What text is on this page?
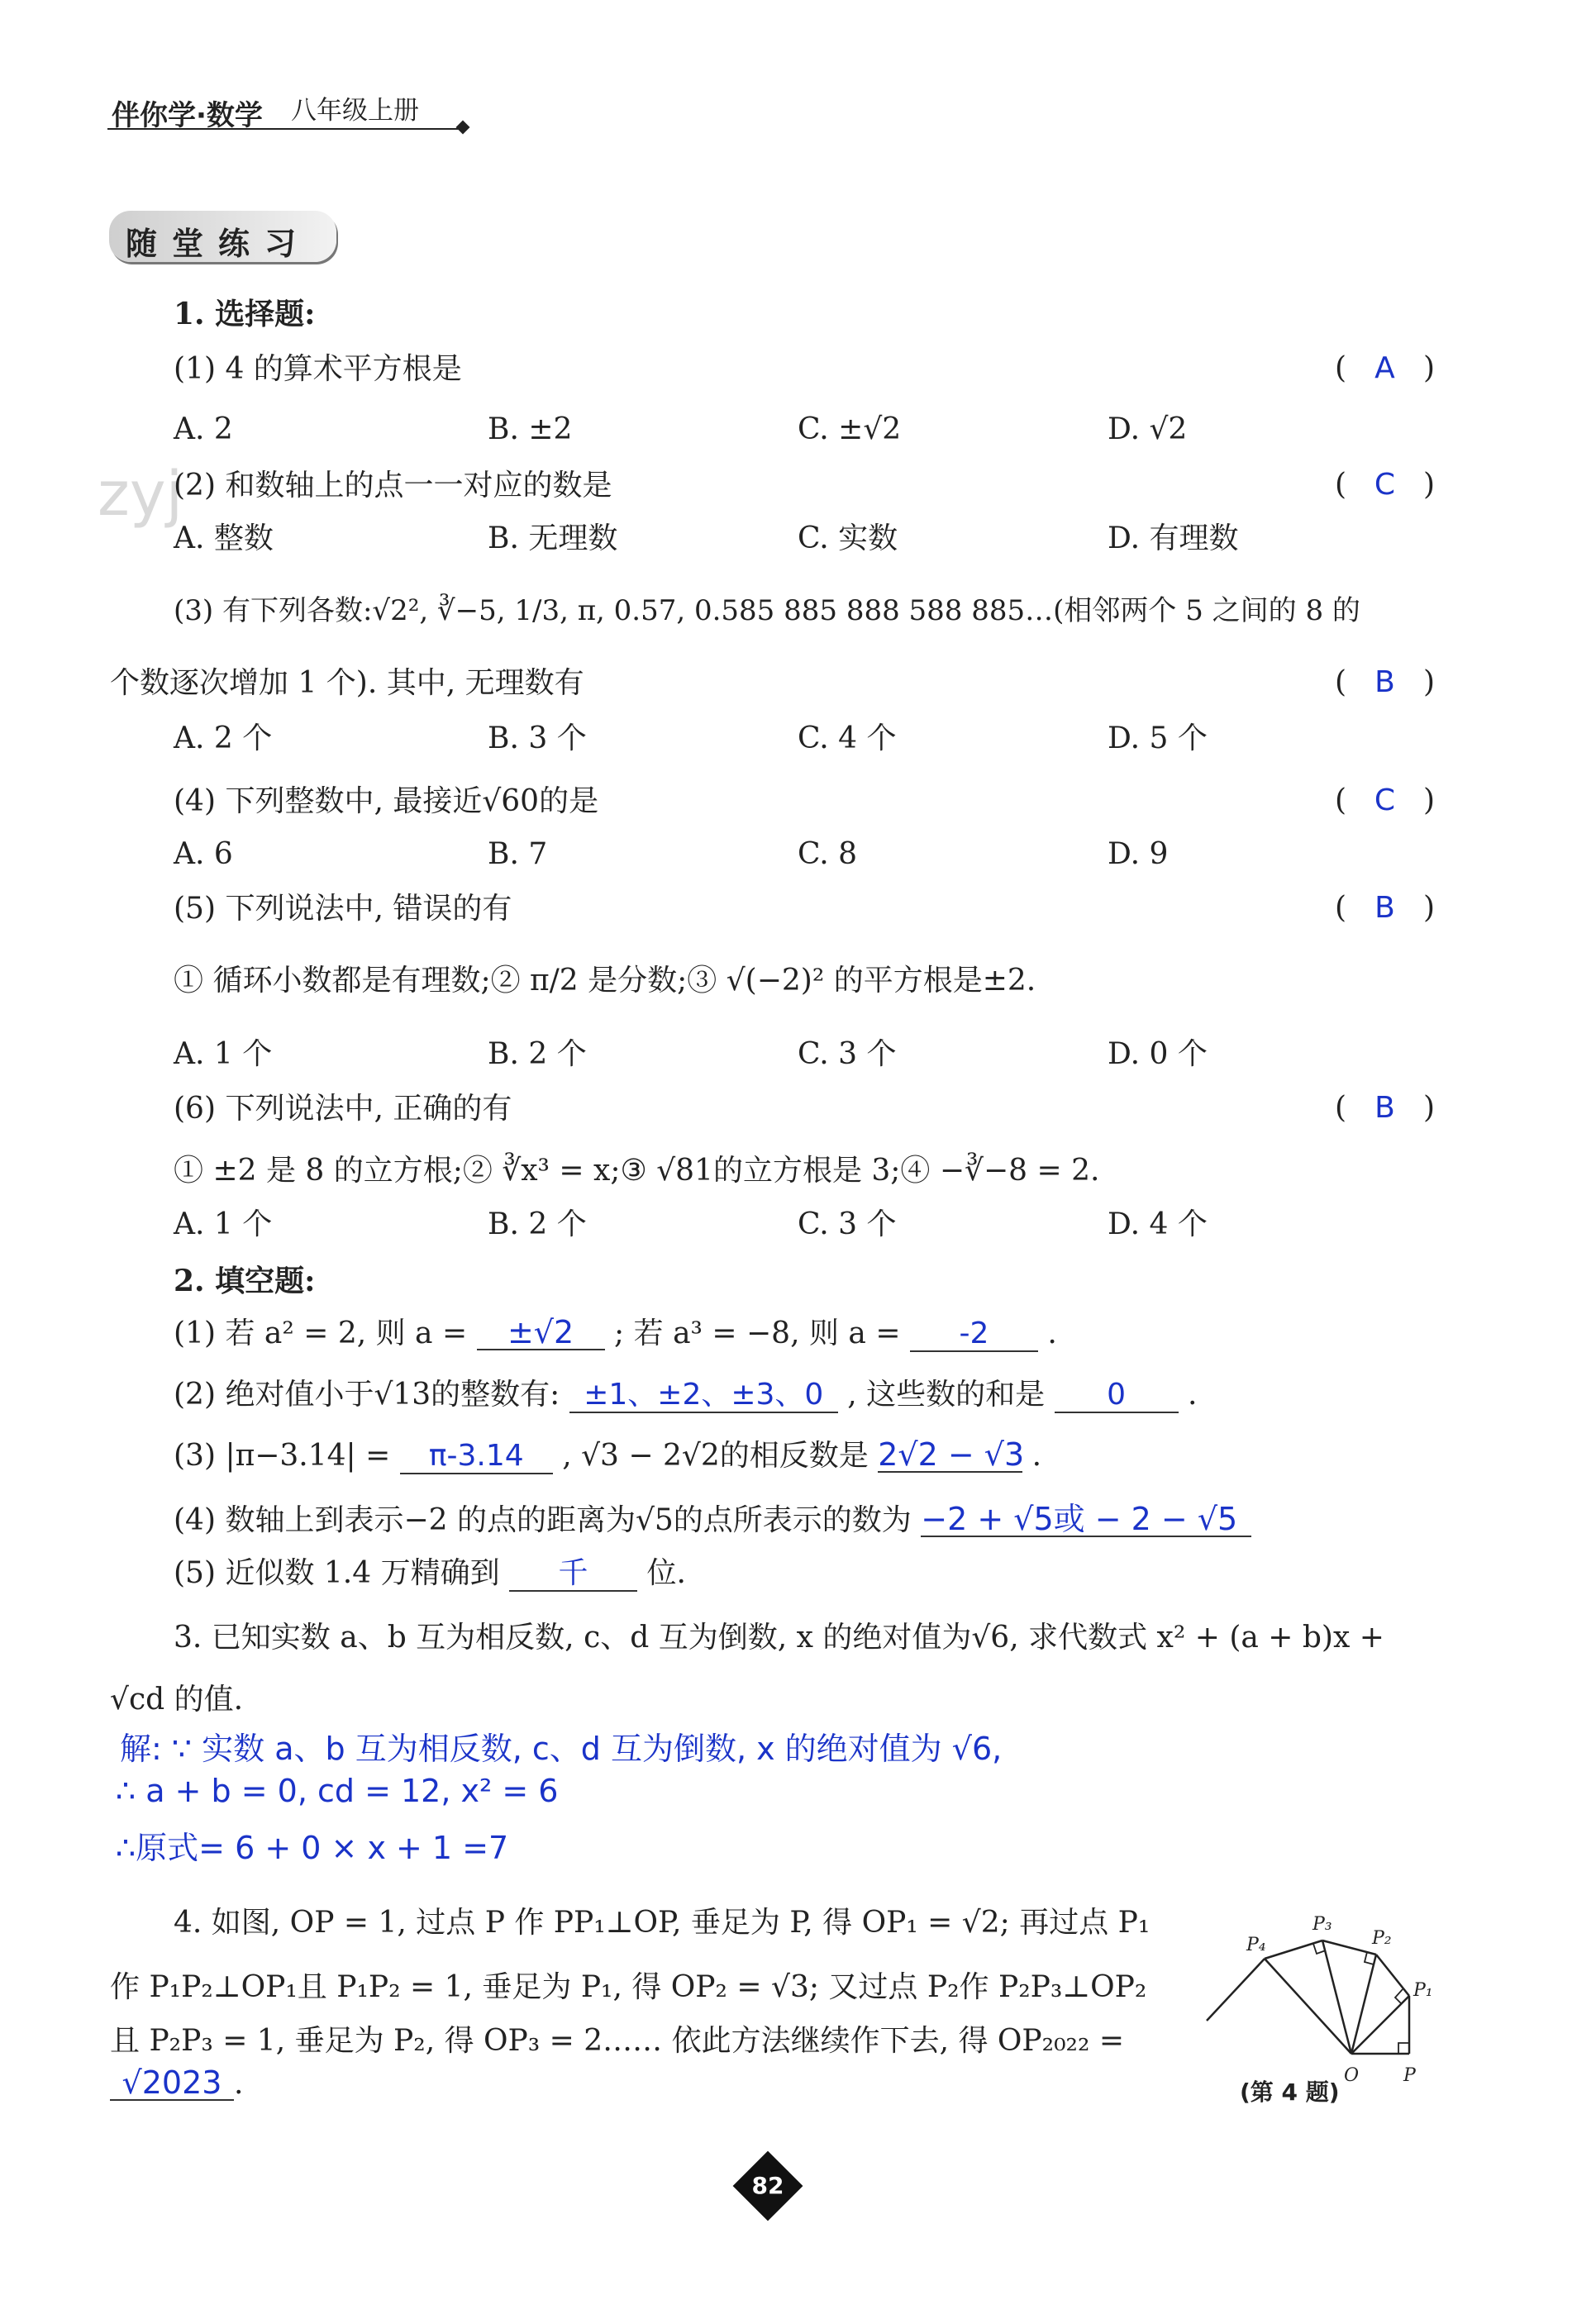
伴你学·数学 八年级上册
随堂练习
zyj
1. 选择题:
(1) 4 的算术平方根是	( A )
A. 2	B. ±2	C. ±√2	D. √2
(2) 和数轴上的点一一对应的数是	( C )
A. 整数	B. 无理数	C. 实数	D. 有理数
(3) 有下列各数:√2², ∛−5, 1/3, π, 0.57, 0.585 885 888 588 885…(相邻两个 5 之间的 8 的
个数逐次增加 1 个). 其中, 无理数有	( B )
A. 2 个	B. 3 个	C. 4 个	D. 5 个
(4) 下列整数中, 最接近√60的是	( C )
A. 6	B. 7	C. 8	D. 9
(5) 下列说法中, 错误的有	( B )
① 循环小数都是有理数;② π/2 是分数;③ √(−2)² 的平方根是±2.
A. 1 个	B. 2 个	C. 3 个	D. 0 个
(6) 下列说法中, 正确的有	( B )
① ±2 是 8 的立方根;② ∛x³ = x;③ √81的立方根是 3;④ −∛−8 = 2.
A. 1 个	B. 2 个	C. 3 个	D. 4 个
2. 填空题:
(1) 若 a² = 2, 则 a = ±√2 ; 若 a³ = −8, 则 a = -2 .
(2) 绝对值小于√13的整数有: ±1、±2、±3、0 , 这些数的和是 0 .
(3) |π−3.14| = π-3.14 , √3 − 2√2的相反数是 2√2 − √3 .
(4) 数轴上到表示−2 的点的距离为√5的点所表示的数为 −2 + √5或 − 2 − √5
(5) 近似数 1.4 万精确到 千 位.
3. 已知实数 a、b 互为相反数, c、d 互为倒数, x 的绝对值为√6, 求代数式 x² + (a + b)x +
√cd 的值.
解: ∵ 实数 a、b 互为相反数, c、d 互为倒数, x 的绝对值为 √6,
∴ a + b = 0, cd = 12, x² = 6
∴原式= 6 + 0 × x + 1 =7
4. 如图, OP = 1, 过点 P 作 PP₁⊥OP, 垂足为 P, 得 OP₁ = √2; 再过点 P₁
作 P₁P₂⊥OP₁且 P₁P₂ = 1, 垂足为 P₁, 得 OP₂ = √3; 又过点 P₂作 P₂P₃⊥OP₂
且 P₂P₃ = 1, 垂足为 P₂, 得 OP₃ = 2…… 依此方法继续作下去, 得 OP₂₀₂₂ =
√2023 .	O P
P₁
P₂
P₃
P₄
(第 4 题)
82
